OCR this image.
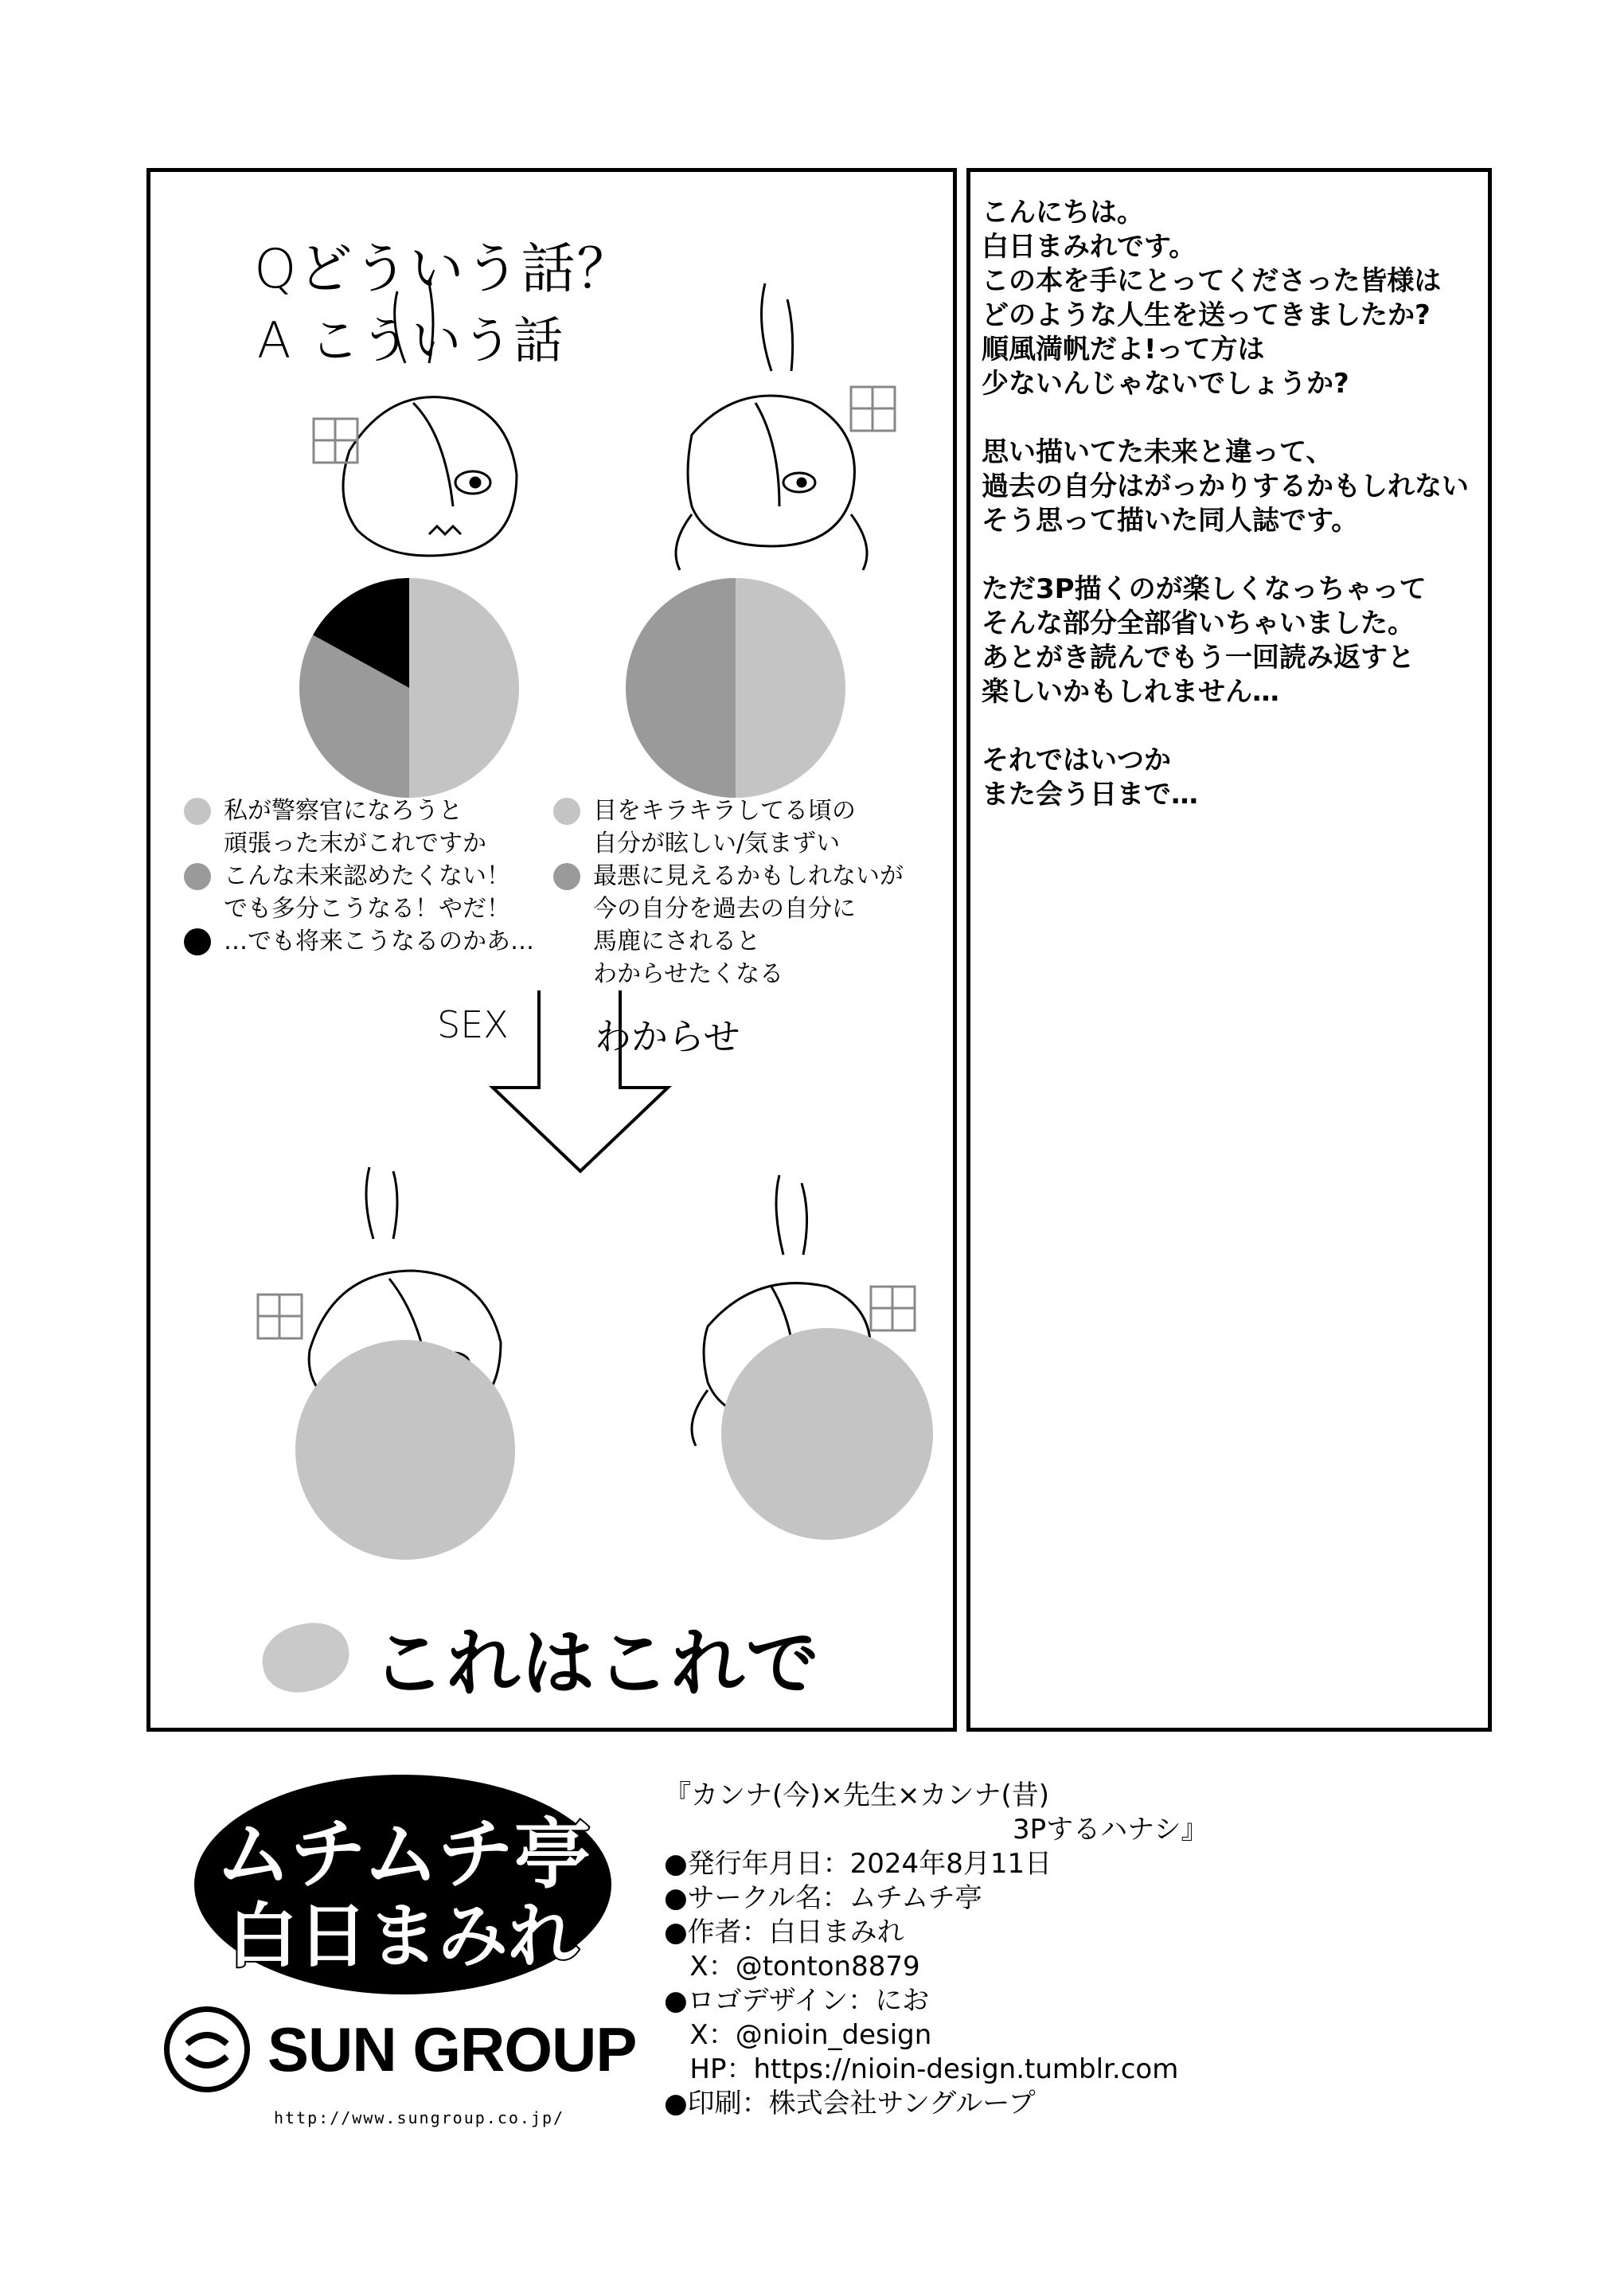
Qどういう話？
A こういう話
私が警察官になろうと
頑張った末がこれですか
こんな未来認めたくない！
でも多分こうなる！やだ！
…でも将来こうなるのかあ…
目をキラキラしてる頃の
自分が眩しい/気まずい
最悪に見えるかもしれないが
今の自分を過去の自分に
馬鹿にされると
わからせたくなる
SEX わからせ
これはこれで

こんにちは。
白日まみれです。
この本を手にとってくださった皆様は
どのような人生を送ってきましたか?
順風満帆だよ!って方は
少ないんじゃないでしょうか?

思い描いてた未来と違って、
過去の自分はがっかりするかもしれない
そう思って描いた同人誌です。

ただ3P描くのが楽しくなっちゃって
そんな部分全部省いちゃいました。
あとがき読んでもう一回読み返すと
楽しいかもしれません…

それではいつか
また会う日まで…

ムチムチ亭
白日まみれ
SUN GROUP
http://www.sungroup.co.jp/
『カンナ(今)×先生×カンナ(昔)
3Pするハナシ』
●発行年月日：2024年8月11日
●サークル名：ムチムチ亭
●作者：白日まみれ
X：@tonton8879
●ロゴデザイン：にお
X：@nioin_design
HP：https://nioin-design.tumblr.com
●印刷：株式会社サングループ
